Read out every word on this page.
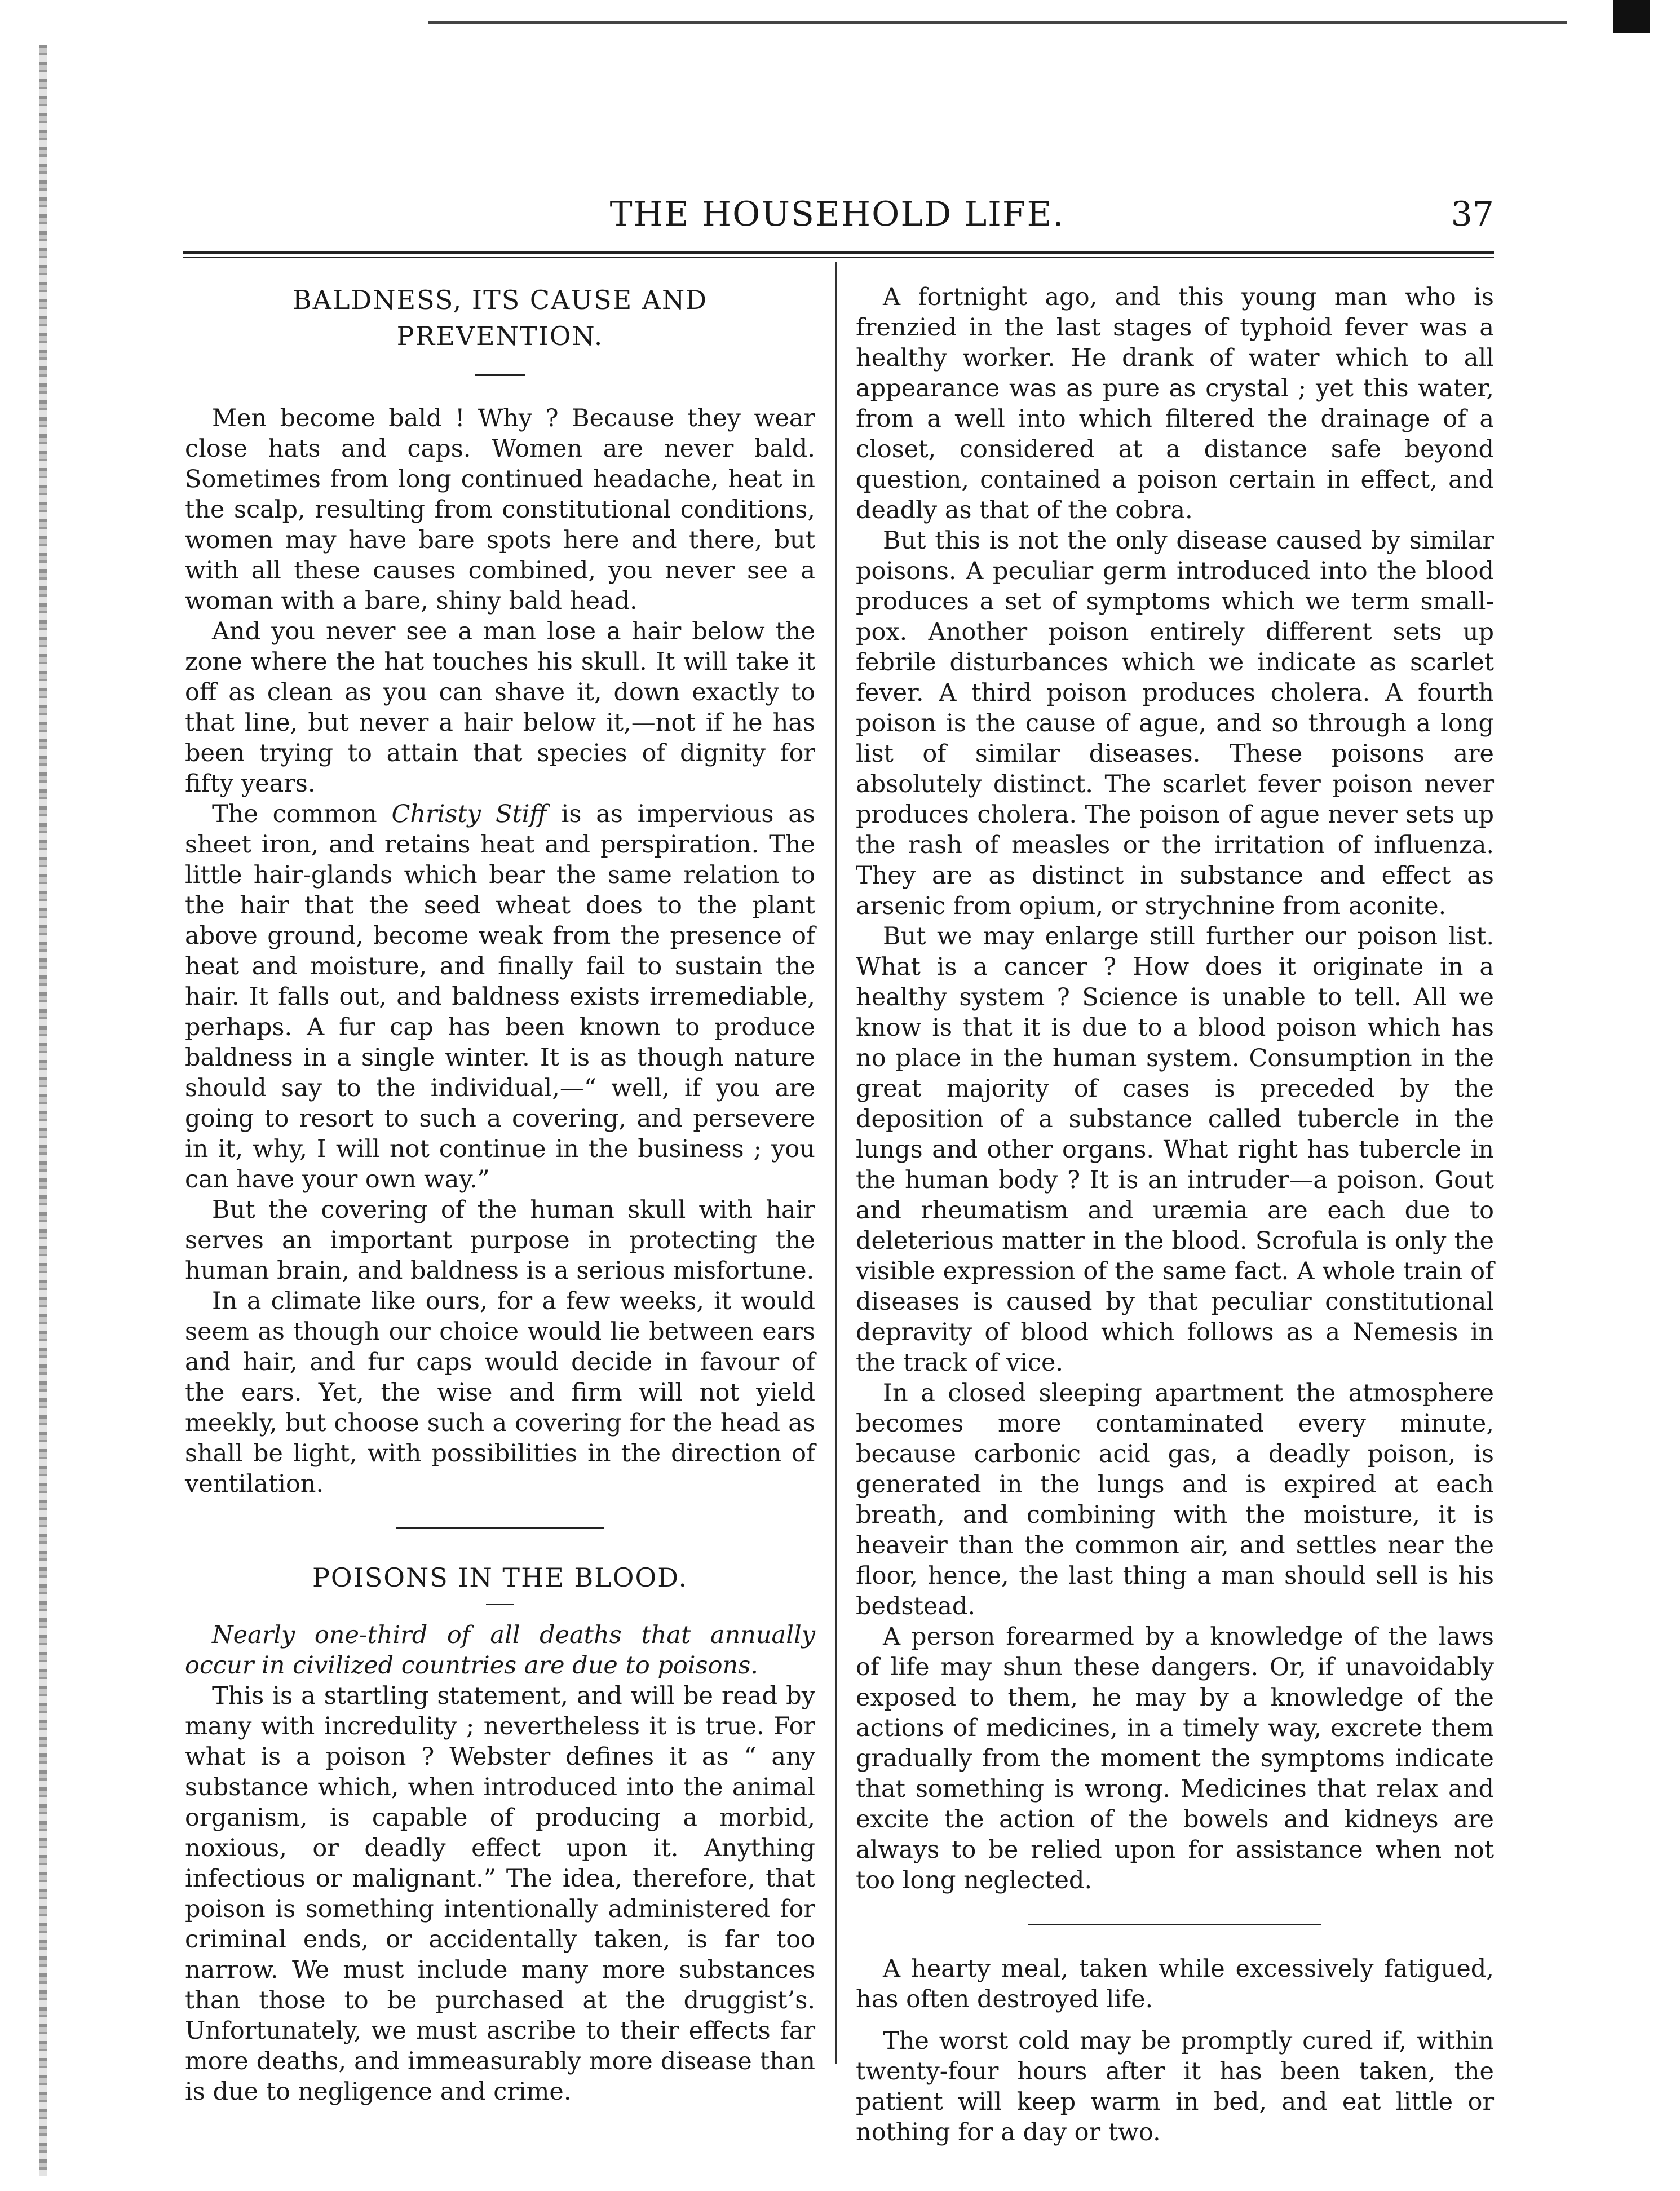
THE HOUSEHOLD LIFE.	37
BALDNESS, ITS CAUSE AND PREVENTION.

Men become bald ! Why ? Because they wear close hats and caps. Women are never bald. Sometimes from long continued headache, heat in the scalp, resulting from constitutional conditions, women may have bare spots here and there, but with all these causes combined, you never see a woman with a bare, shiny bald head.

And you never see a man lose a hair below the zone where the hat touches his skull. It will take it off as clean as you can shave it, down exactly to that line, but never a hair below it,—not if he has been trying to attain that species of dignity for fifty years.

The common Christy Stiff is as impervious as sheet iron, and retains heat and perspiration. The little hair-glands which bear the same relation to the hair that the seed wheat does to the plant above ground, become weak from the presence of heat and moisture, and finally fail to sustain the hair. It falls out, and baldness exists irremediable, perhaps. A fur cap has been known to produce baldness in a single winter. It is as though nature should say to the individual,—“ well, if you are going to resort to such a covering, and persevere in it, why, I will not continue in the business ; you can have your own way.”

But the covering of the human skull with hair serves an important purpose in protecting the human brain, and baldness is a serious misfortune.

In a climate like ours, for a few weeks, it would seem as though our choice would lie between ears and hair, and fur caps would decide in favour of the ears. Yet, the wise and firm will not yield meekly, but choose such a covering for the head as shall be light, with possibilities in the direction of ventilation.

POISONS IN THE BLOOD.

Nearly one-third of all deaths that annually occur in civilized countries are due to poisons.

This is a startling statement, and will be read by many with incredulity ; nevertheless it is true. For what is a poison ? Webster defines it as “ any substance which, when introduced into the animal organism, is capable of producing a morbid, noxious, or deadly effect upon it. Anything infectious or malignant.” The idea, therefore, that poison is something intentionally administered for criminal ends, or accidentally taken, is far too narrow. We must include many more substances than those to be purchased at the druggist’s. Unfortunately, we must ascribe to their effects far more deaths, and immeasurably more disease than is due to negligence and crime.

A fortnight ago, and this young man who is frenzied in the last stages of typhoid fever was a healthy worker. He drank of water which to all appearance was as pure as crystal ; yet this water, from a well into which filtered the drainage of a closet, considered at a distance safe beyond question, contained a poison certain in effect, and deadly as that of the cobra.

But this is not the only disease caused by similar poisons. A peculiar germ introduced into the blood produces a set of symptoms which we term small-pox. Another poison entirely different sets up febrile disturbances which we indicate as scarlet fever. A third poison produces cholera. A fourth poison is the cause of ague, and so through a long list of similar diseases. These poisons are absolutely distinct. The scarlet fever poison never produces cholera. The poison of ague never sets up the rash of measles or the irritation of influenza. They are as distinct in substance and effect as arsenic from opium, or strychnine from aconite.

But we may enlarge still further our poison list. What is a cancer ? How does it originate in a healthy system ? Science is unable to tell. All we know is that it is due to a blood poison which has no place in the human system. Consumption in the great majority of cases is preceded by the deposition of a substance called tubercle in the lungs and other organs. What right has tubercle in the human body ? It is an intruder—a poison. Gout and rheumatism and uræmia are each due to deleterious matter in the blood. Scrofula is only the visible expression of the same fact. A whole train of diseases is caused by that peculiar constitutional depravity of blood which follows as a Nemesis in the track of vice.

In a closed sleeping apartment the atmosphere becomes more contaminated every minute, because carbonic acid gas, a deadly poison, is generated in the lungs and is expired at each breath, and combining with the moisture, it is heaveir than the common air, and settles near the floor, hence, the last thing a man should sell is his bedstead.

A person forearmed by a knowledge of the laws of life may shun these dangers. Or, if unavoidably exposed to them, he may by a knowledge of the actions of medicines, in a timely way, excrete them gradually from the moment the symptoms indicate that something is wrong. Medicines that relax and excite the action of the bowels and kidneys are always to be relied upon for assistance when not too long neglected.

A hearty meal, taken while excessively fatigued, has often destroyed life.

The worst cold may be promptly cured if, within twenty-four hours after it has been taken, the patient will keep warm in bed, and eat little or nothing for a day or two.
